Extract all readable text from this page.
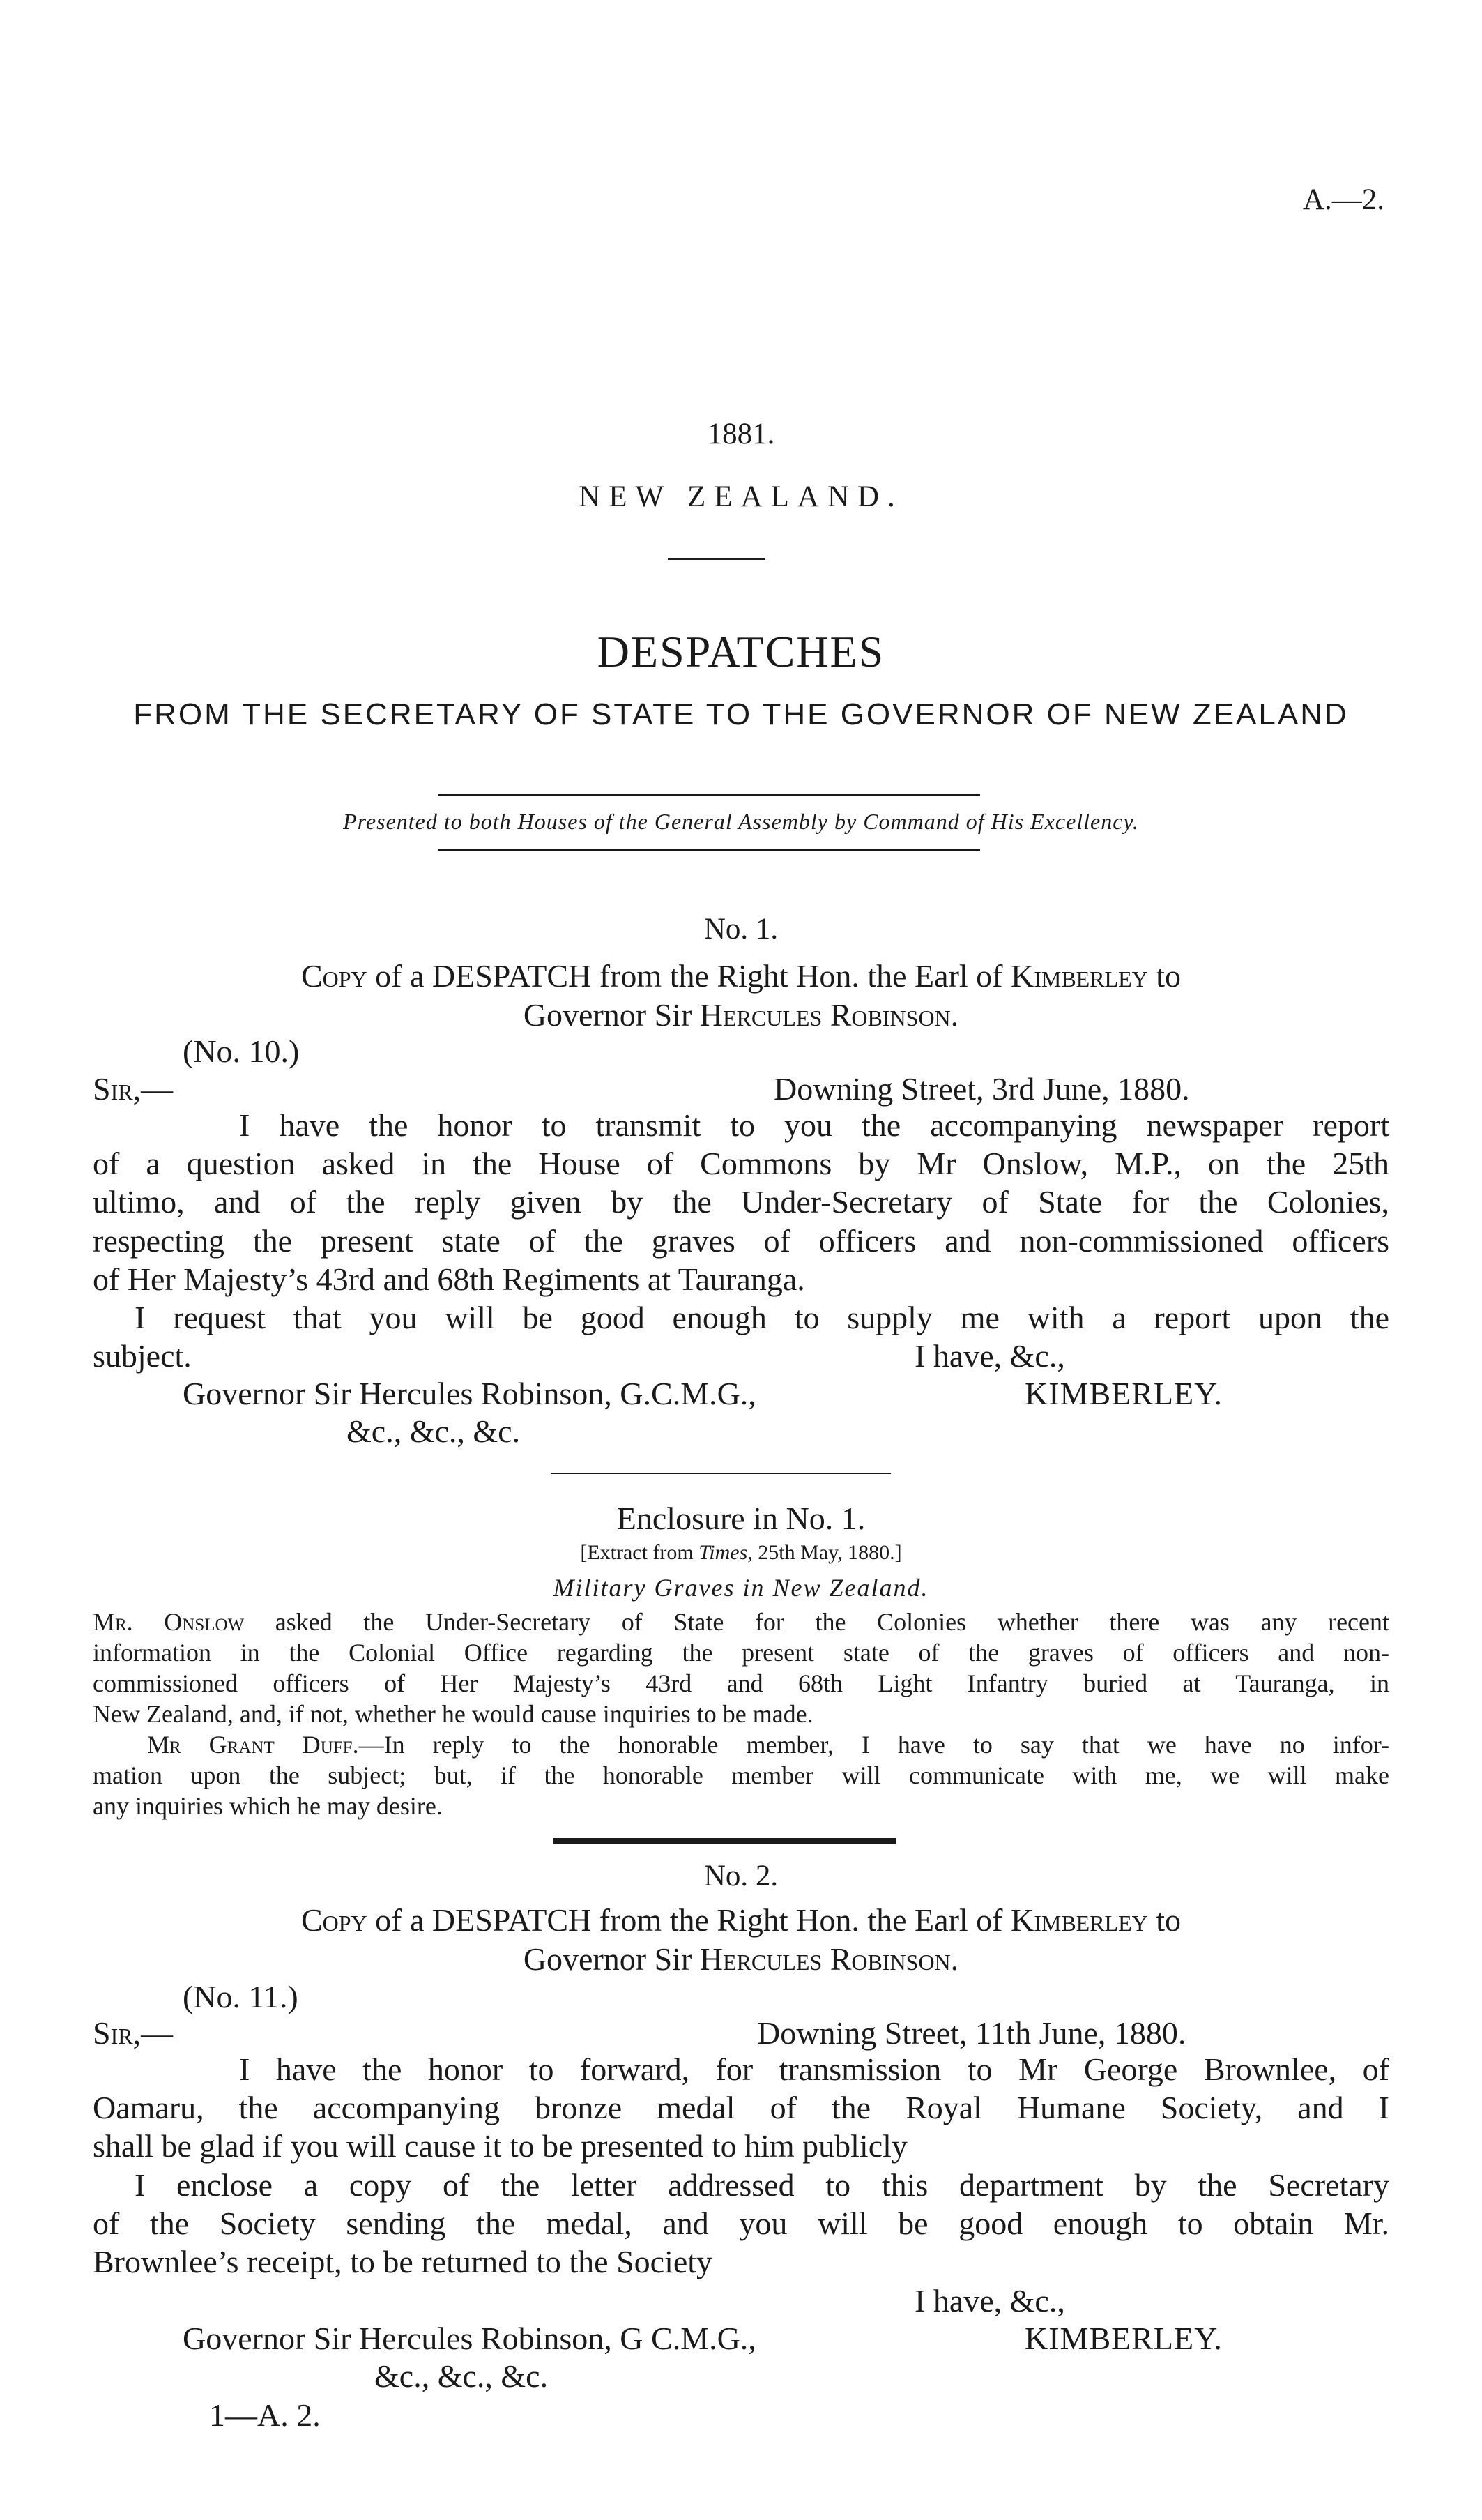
A.—2.
1881.
NEW ZEALAND.
DESPATCHES
FROM THE SECRETARY OF STATE TO THE GOVERNOR OF NEW ZEALAND
Presented to both Houses of the General Assembly by Command of His Excellency.
No. 1.
Copy of a DESPATCH from the Right Hon. the Earl of Kimberley to
Governor Sir Hercules Robinson.
(No. 10.)
Sir,—	Downing Street, 3rd June, 1880.
I have the honor to transmit to you the accompanying newspaper report
of a question asked in the House of Commons by Mr Onslow, M.P., on the 25th
ultimo, and of the reply given by the Under-Secretary of State for the Colonies,
respecting the present state of the graves of officers and non-commissioned officers
of Her Majesty’s 43rd and 68th Regiments at Tauranga.
I request that you will be good enough to supply me with a report upon the
subject.	I have, &c.,
Governor Sir Hercules Robinson, G.C.M.G.,	KIMBERLEY.
&c., &c., &c.
Enclosure in No. 1.
[Extract from Times, 25th May, 1880.]
Military Graves in New Zealand.
Mr. Onslow asked the Under-Secretary of State for the Colonies whether there was any recent
information in the Colonial Office regarding the present state of the graves of officers and non-
commissioned officers of Her Majesty’s 43rd and 68th Light Infantry buried at Tauranga, in
New Zealand, and, if not, whether he would cause inquiries to be made.
Mr Grant Duff.—In reply to the honorable member, I have to say that we have no infor-
mation upon the subject; but, if the honorable member will communicate with me, we will make
any inquiries which he may desire.
No. 2.
Copy of a DESPATCH from the Right Hon. the Earl of Kimberley to
Governor Sir Hercules Robinson.
(No. 11.)
Sir,—	Downing Street, 11th June, 1880.
I have the honor to forward, for transmission to Mr George Brownlee, of
Oamaru, the accompanying bronze medal of the Royal Humane Society, and I
shall be glad if you will cause it to be presented to him publicly
I enclose a copy of the letter addressed to this department by the Secretary
of the Society sending the medal, and you will be good enough to obtain Mr.
Brownlee’s receipt, to be returned to the Society
I have, &c.,
Governor Sir Hercules Robinson, G C.M.G.,	KIMBERLEY.
&c., &c., &c.
1—A. 2.
